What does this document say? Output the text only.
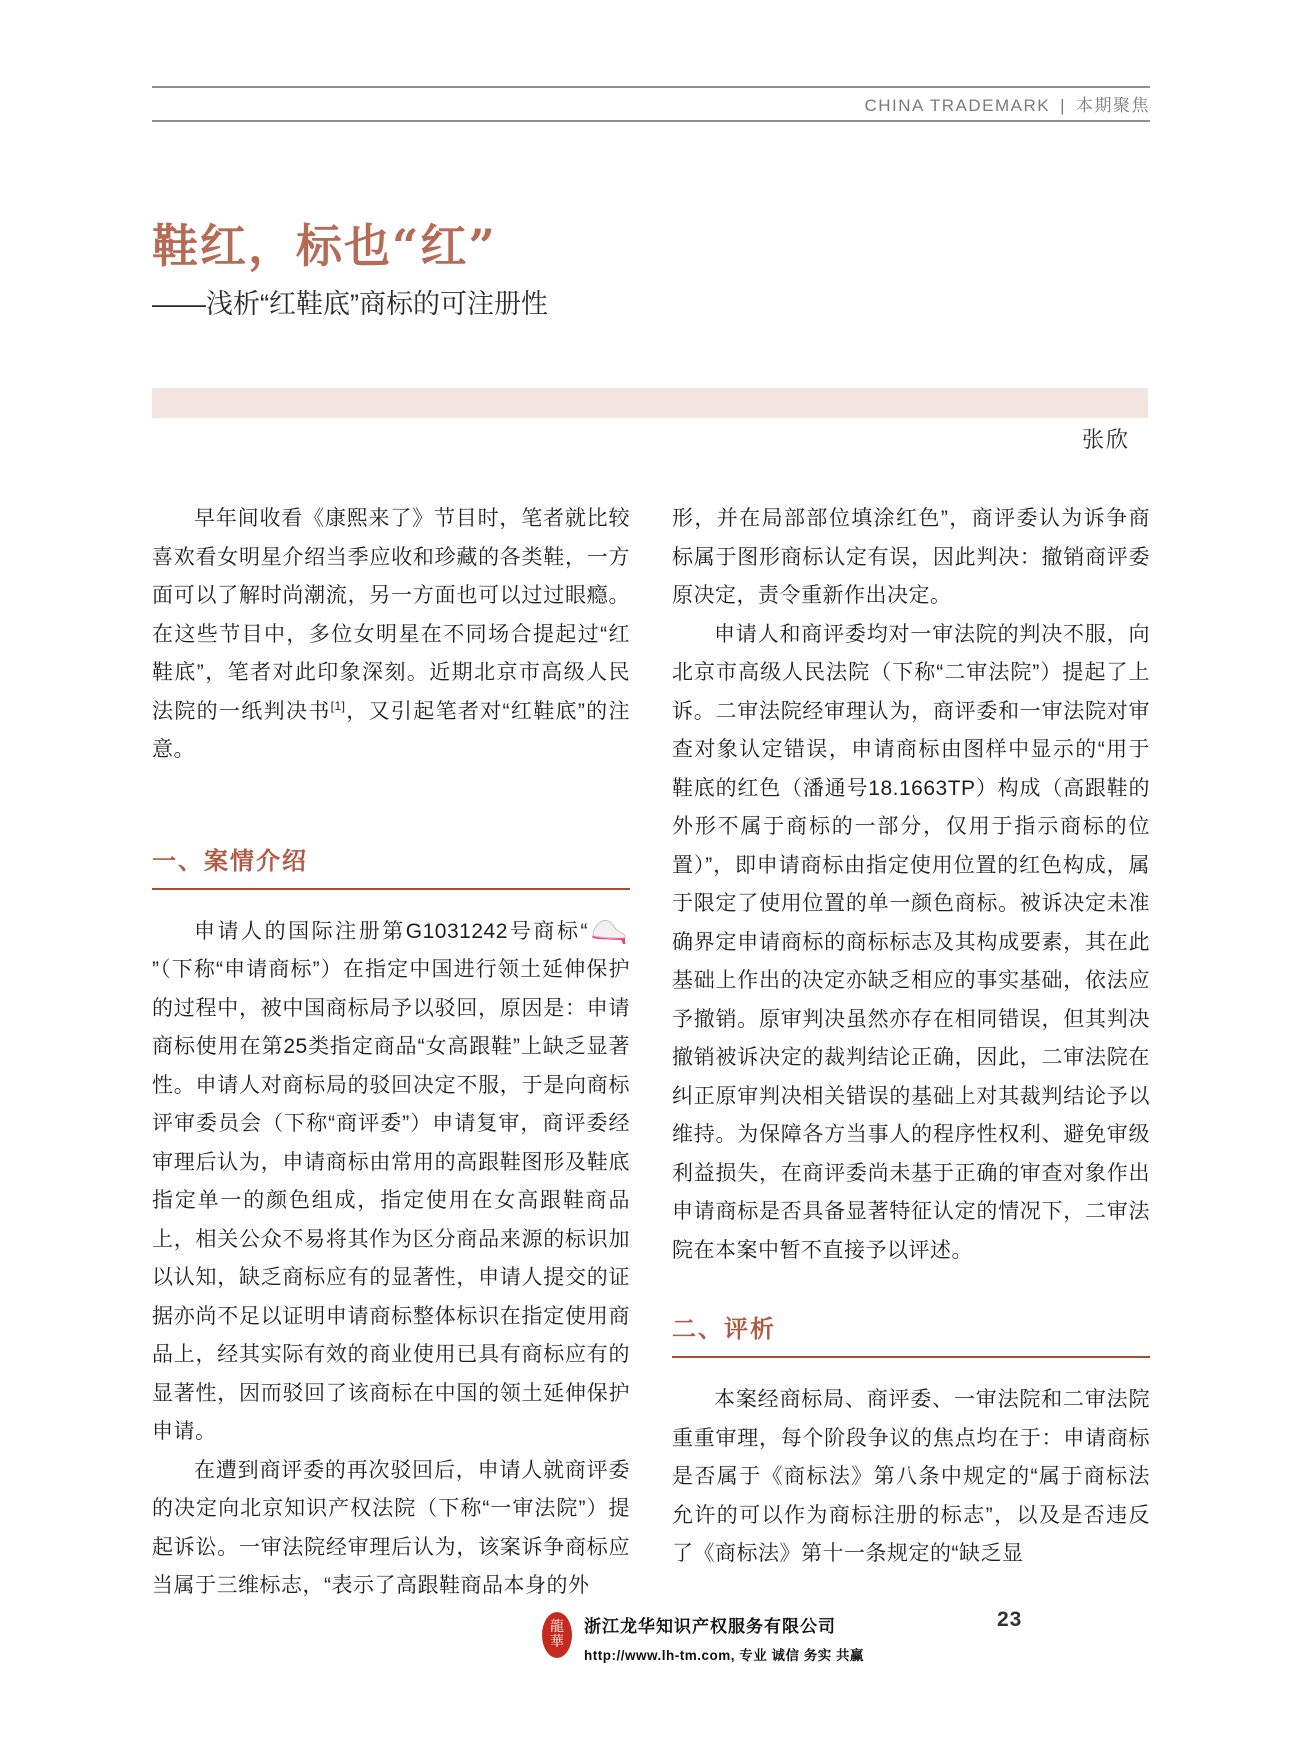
CHINA TRADEMARK | 本期聚焦
鞋红，标也“红”
——浅析“红鞋底”商标的可注册性
张欣

早年间收看《康熙来了》节目时，笔者就比较喜欢看女明星介绍当季应收和珍藏的各类鞋，一方面可以了解时尚潮流，另一方面也可以过过眼瘾。在这些节目中，多位女明星在不同场合提起过“红鞋底”，笔者对此印象深刻。近期北京市高级人民法院的一纸判决书[1]，又引起笔者对“红鞋底”的注意。

一、案情介绍

申请人的国际注册第G1031242号商标“”（下称“申请商标”）在指定中国进行领土延伸保护的过程中，被中国商标局予以驳回，原因是：申请商标使用在第25类指定商品“女高跟鞋”上缺乏显著性。申请人对商标局的驳回决定不服，于是向商标评审委员会（下称“商评委”）申请复审，商评委经审理后认为，申请商标由常用的高跟鞋图形及鞋底指定单一的颜色组成，指定使用在女高跟鞋商品上，相关公众不易将其作为区分商品来源的标识加以认知，缺乏商标应有的显著性，申请人提交的证据亦尚不足以证明申请商标整体标识在指定使用商品上，经其实际有效的商业使用已具有商标应有的显著性，因而驳回了该商标在中国的领土延伸保护申请。

在遭到商评委的再次驳回后，申请人就商评委的决定向北京知识产权法院（下称“一审法院”）提起诉讼。一审法院经审理后认为，该案诉争商标应当属于三维标志，“表示了高跟鞋商品本身的外

形，并在局部部位填涂红色”，商评委认为诉争商标属于图形商标认定有误，因此判决：撤销商评委原决定，责令重新作出决定。

申请人和商评委均对一审法院的判决不服，向北京市高级人民法院（下称“二审法院”）提起了上诉。二审法院经审理认为，商评委和一审法院对审查对象认定错误，申请商标由图样中显示的“用于鞋底的红色（潘通号18.1663TP）构成（高跟鞋的外形不属于商标的一部分，仅用于指示商标的位置）”，即申请商标由指定使用位置的红色构成，属于限定了使用位置的单一颜色商标。被诉决定未准确界定申请商标的商标标志及其构成要素，其在此基础上作出的决定亦缺乏相应的事实基础，依法应予撤销。原审判决虽然亦存在相同错误，但其判决撤销被诉决定的裁判结论正确，因此，二审法院在纠正原审判决相关错误的基础上对其裁判结论予以维持。为保障各方当事人的程序性权利、避免审级利益损失，在商评委尚未基于正确的审查对象作出申请商标是否具备显著特征认定的情况下，二审法院在本案中暂不直接予以评述。

二、评析

本案经商标局、商评委、一审法院和二审法院重重审理，每个阶段争议的焦点均在于：申请商标是否属于《商标法》第八条中规定的“属于商标法允许的可以作为商标注册的标志”，以及是否违反了《商标法》第十一条规定的“缺乏显

龍
華
浙江龙华知识产权服务有限公司
http://www.lh-tm.com, 专业 诚信 务实 共赢
23
